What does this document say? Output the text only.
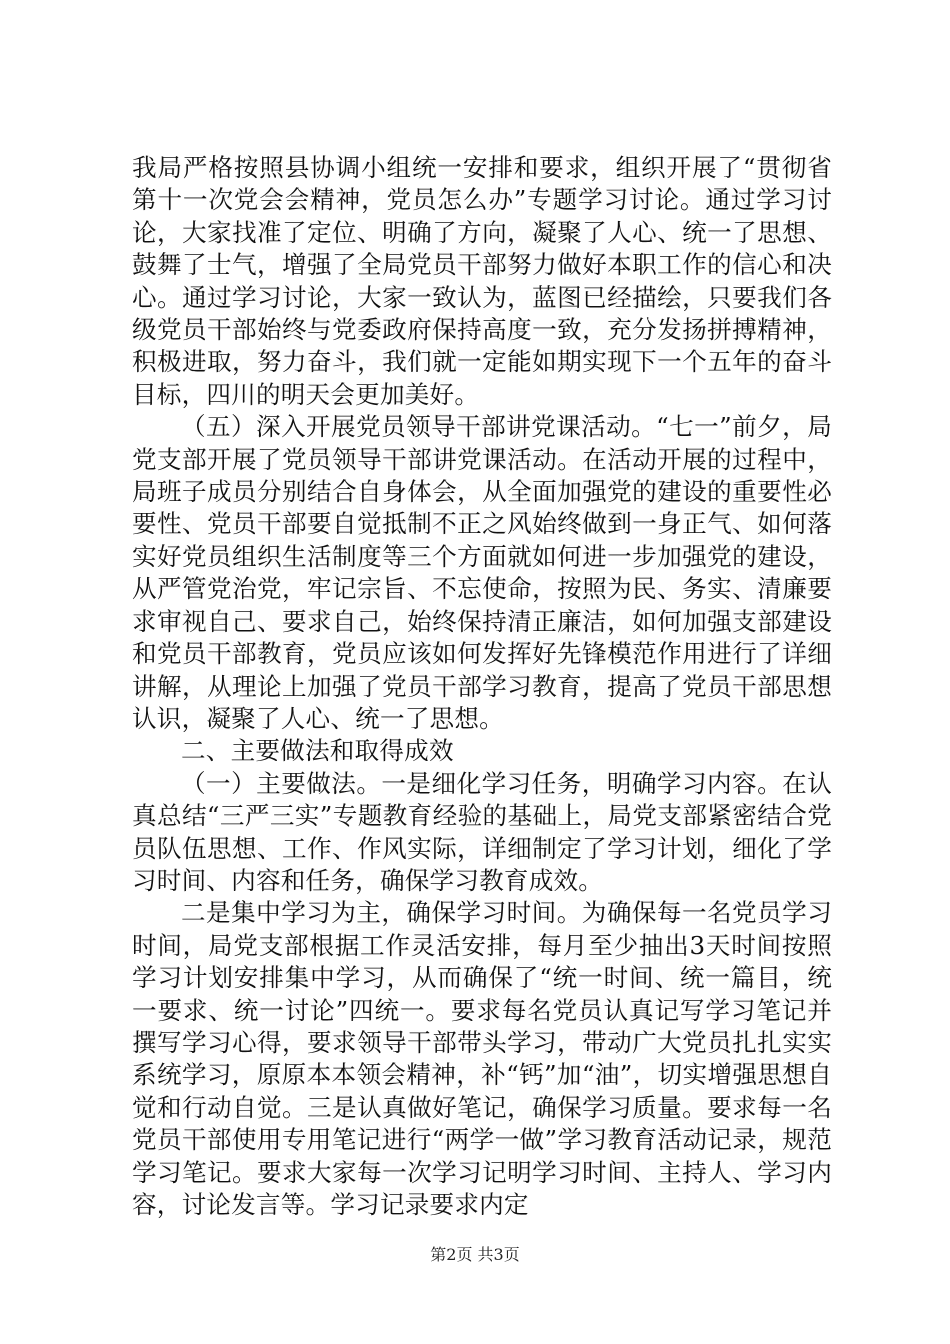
我局严格按照县协调小组统一安排和要求，组织开展了“贯彻省第十一次党会会精神，党员怎么办”专题学习讨论。通过学习讨论，大家找准了定位、明确了方向，凝聚了人心、统一了思想、鼓舞了士气，增强了全局党员干部努力做好本职工作的信心和决心。通过学习讨论，大家一致认为，蓝图已经描绘，只要我们各级党员干部始终与党委政府保持高度一致，充分发扬拼搏精神，积极进取，努力奋斗，我们就一定能如期实现下一个五年的奋斗目标，四川的明天会更加美好。

（五）深入开展党员领导干部讲党课活动。“七一”前夕，局党支部开展了党员领导干部讲党课活动。在活动开展的过程中，局班子成员分别结合自身体会，从全面加强党的建设的重要性必要性、党员干部要自觉抵制不正之风始终做到一身正气、如何落实好党员组织生活制度等三个方面就如何进一步加强党的建设，从严管党治党，牢记宗旨、不忘使命，按照为民、务实、清廉要求审视自己、要求自己，始终保持清正廉洁，如何加强支部建设和党员干部教育，党员应该如何发挥好先锋模范作用进行了详细讲解，从理论上加强了党员干部学习教育，提高了党员干部思想认识，凝聚了人心、统一了思想。

二、主要做法和取得成效

（一）主要做法。一是细化学习任务，明确学习内容。在认真总结“三严三实”专题教育经验的基础上，局党支部紧密结合党员队伍思想、工作、作风实际，详细制定了学习计划，细化了学习时间、内容和任务，确保学习教育成效。

二是集中学习为主，确保学习时间。为确保每一名党员学习时间，局党支部根据工作灵活安排，每月至少抽出3天时间按照学习计划安排集中学习，从而确保了“统一时间、统一篇目，统一要求、统一讨论”四统一。要求每名党员认真记写学习笔记并撰写学习心得，要求领导干部带头学习，带动广大党员扎扎实实系统学习，原原本本领会精神，补“钙”加“油”，切实增强思想自觉和行动自觉。三是认真做好笔记，确保学习质量。要求每一名党员干部使用专用笔记进行“两学一做”学习教育活动记录，规范学习笔记。要求大家每一次学习记明学习时间、主持人、学习内容，讨论发言等。学习记录要求内定

第2页 共3页
